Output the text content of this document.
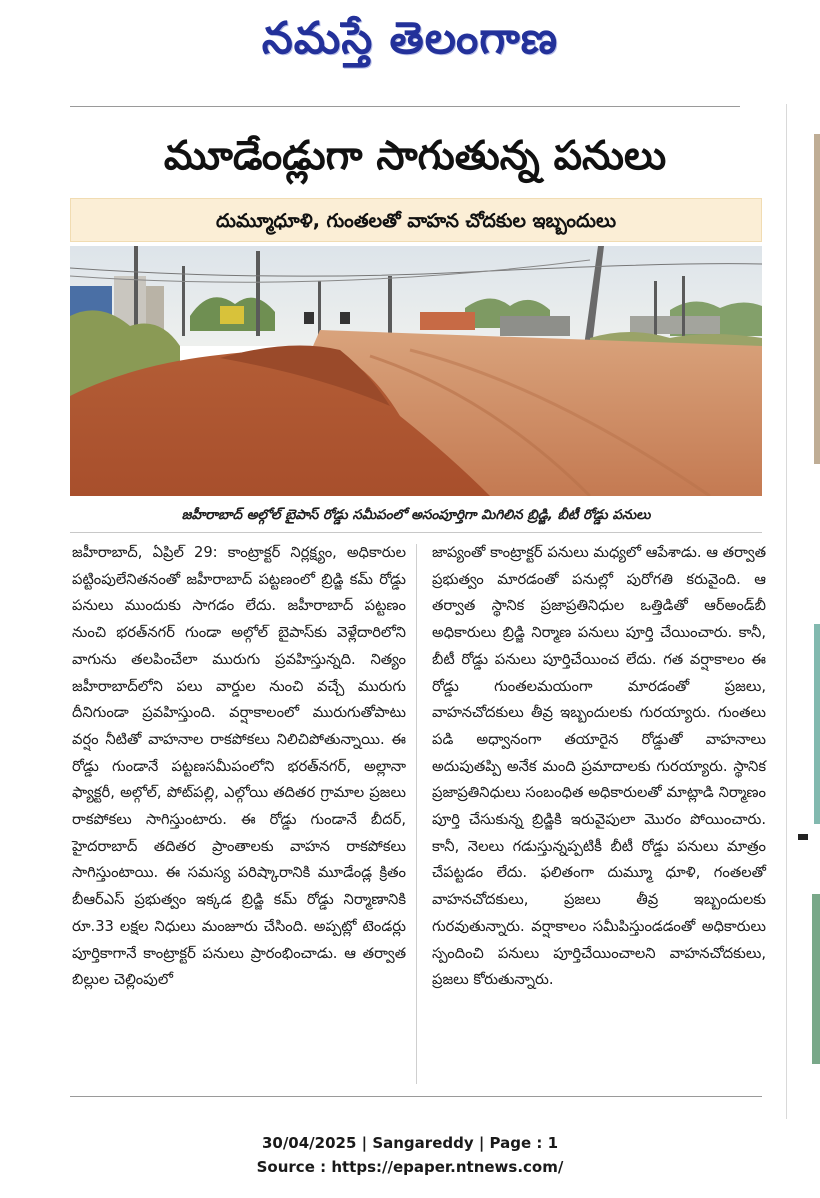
నమస్తే తెలంగాణ
మూడేండ్లుగా సాగుతున్న పనులు
దుమ్మూధూళి, గుంతలతో వాహన చోదకుల ఇబ్బందులు
జహీరాబాద్ అల్గోల్ బైపాస్ రోడ్డు సమీపంలో అసంపూర్తిగా మిగిలిన బ్రిడ్జి, బీటీ రోడ్డు పనులు

జహీరాబాద్, ఏప్రిల్ 29: కాంట్రాక్టర్ నిర్లక్ష్యం, అధికారుల పట్టింపులేనితనంతో జహీరాబాద్ పట్టణంలో బ్రిడ్జి కమ్ రోడ్డు పనులు ముందుకు సాగడం లేదు. జహీరాబాద్ పట్టణం నుంచి భరత్‌నగర్ గుండా అల్గోల్ బైపాస్‌కు వెళ్లేదారిలోని వాగును తలపించేలా మురుగు ప్రవహిస్తున్నది. నిత్యం జహీరాబాద్‌లోని పలు వార్డుల నుంచి వచ్చే మురుగు దీనిగుండా ప్రవహిస్తుంది. వర్షాకాలంలో మురుగుతోపాటు వర్షం నీటితో వాహనాల రాకపోకలు నిలిచిపోతున్నాయి. ఈ రోడ్డు గుండానే పట్టణసమీపంలోని భరత్‌నగర్, అల్లానా ఫ్యాక్టరీ, అల్గోల్, పోట్‌పల్లి, ఎల్గోయి తదితర గ్రామాల ప్రజలు రాకపోకలు సాగిస్తుంటారు. ఈ రోడ్డు గుండానే బీదర్, హైదరాబాద్ తదితర ప్రాంతాలకు వాహన రాకపోకలు సాగిస్తుంటాయి. ఈ సమస్య పరిష్కారానికి మూడేండ్ల క్రితం బీఆర్‌ఎస్ ప్రభుత్వం ఇక్కడ బ్రిడ్జి కమ్ రోడ్డు నిర్మాణానికి రూ.33 లక్షల నిధులు మంజూరు చేసింది. అప్పట్లో టెండర్లు పూర్తికాగానే కాంట్రాక్టర్ పనులు ప్రారంభించాడు. ఆ తర్వాత బిల్లుల చెల్లింపులో

జాప్యంతో కాంట్రాక్టర్ పనులు మధ్యలో ఆపేశాడు. ఆ తర్వాత ప్రభుత్వం మారడంతో పనుల్లో పురోగతి కరువైంది. ఆ తర్వాత స్థానిక ప్రజాప్రతినిధుల ఒత్తిడితో ఆర్‌అండ్‌బీ అధికారులు బ్రిడ్జి నిర్మాణ పనులు పూర్తి చేయించారు. కానీ, బీటీ రోడ్డు పనులు పూర్తిచేయించ లేదు. గత వర్షాకాలం ఈ రోడ్డు గుంతలమయంగా మారడంతో ప్రజలు, వాహనచోదకులు తీవ్ర ఇబ్బందులకు గురయ్యారు. గుంతలు పడి అధ్వానంగా తయారైన రోడ్డుతో వాహనాలు అదుపుతప్పి అనేక మంది ప్రమాదాలకు గురయ్యారు. స్థానిక ప్రజాప్రతినిధులు సంబంధిత అధికారులతో మాట్లాడి నిర్మాణం పూర్తి చేసుకున్న బ్రిడ్జికి ఇరువైపులా మొరం పోయించారు. కానీ, నెలలు గడుస్తున్నప్పటికీ బీటీ రోడ్డు పనులు మాత్రం చేపట్టడం లేదు. ఫలితంగా దుమ్మూ ధూళి, గంతలతో వాహనచోదకులు, ప్రజలు తీవ్ర ఇబ్బందులకు గురవుతున్నారు. వర్షాకాలం సమీపిస్తుండడంతో అధికారులు స్పందించి పనులు పూర్తిచేయించాలని వాహనచోదకులు, ప్రజలు కోరుతున్నారు.

30/04/2025 | Sangareddy | Page : 1
Source : https://epaper.ntnews.com/
